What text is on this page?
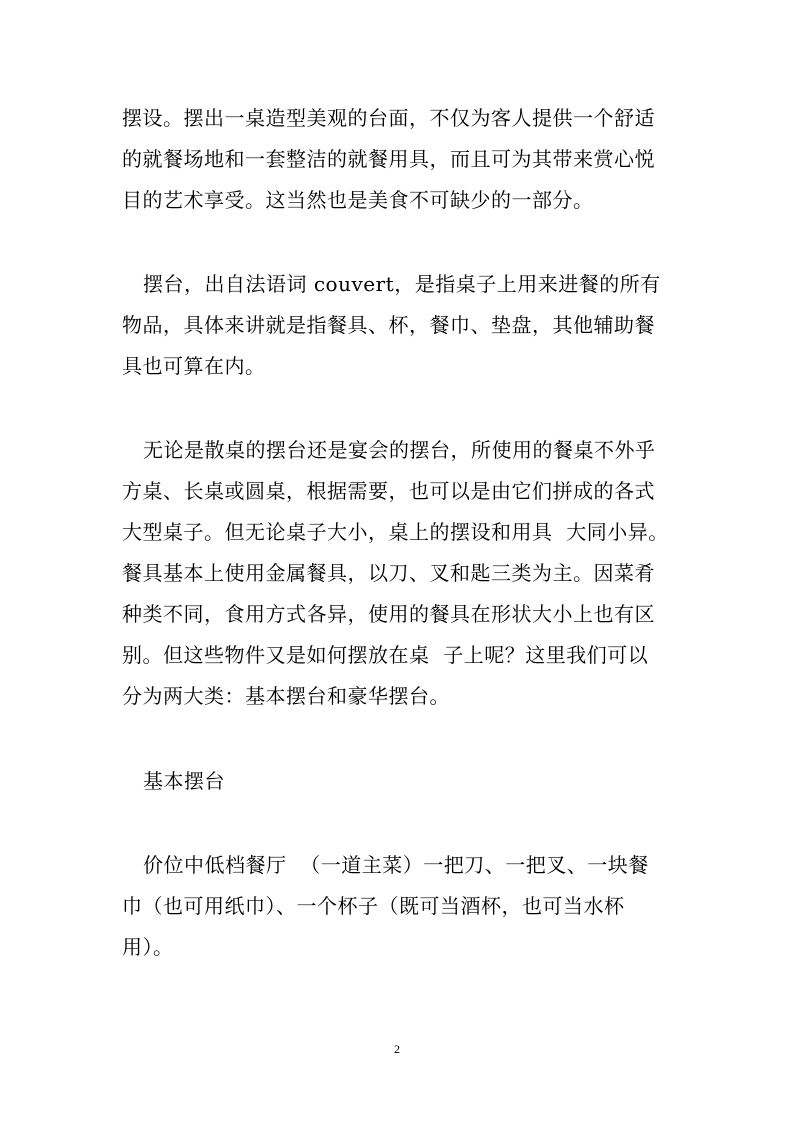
摆设。摆出一桌造型美观的台面，不仅为客人提供一个舒适
的就餐场地和一套整洁的就餐用具，而且可为其带来赏心悦
目的艺术享受。这当然也是美食不可缺少的一部分。
摆台，出自法语词 couvert，是指桌子上用来进餐的所有
物品，具体来讲就是指餐具、杯，餐巾、垫盘，其他辅助餐
具也可算在内。
无论是散桌的摆台还是宴会的摆台，所使用的餐桌不外乎
方桌、长桌或圆桌，根据需要，也可以是由它们拼成的各式
大型桌子。但无论桌子大小，桌上的摆设和用具  大同小异。
餐具基本上使用金属餐具，以刀、叉和匙三类为主。因菜肴
种类不同，食用方式各异，使用的餐具在形状大小上也有区
别。但这些物件又是如何摆放在桌  子上呢？这里我们可以
分为两大类：基本摆台和豪华摆台。
基本摆台
价位中低档餐厅  （一道主菜）一把刀、一把叉、一块餐
巾（也可用纸巾）、一个杯子（既可当酒杯，也可当水杯
用）。
2
